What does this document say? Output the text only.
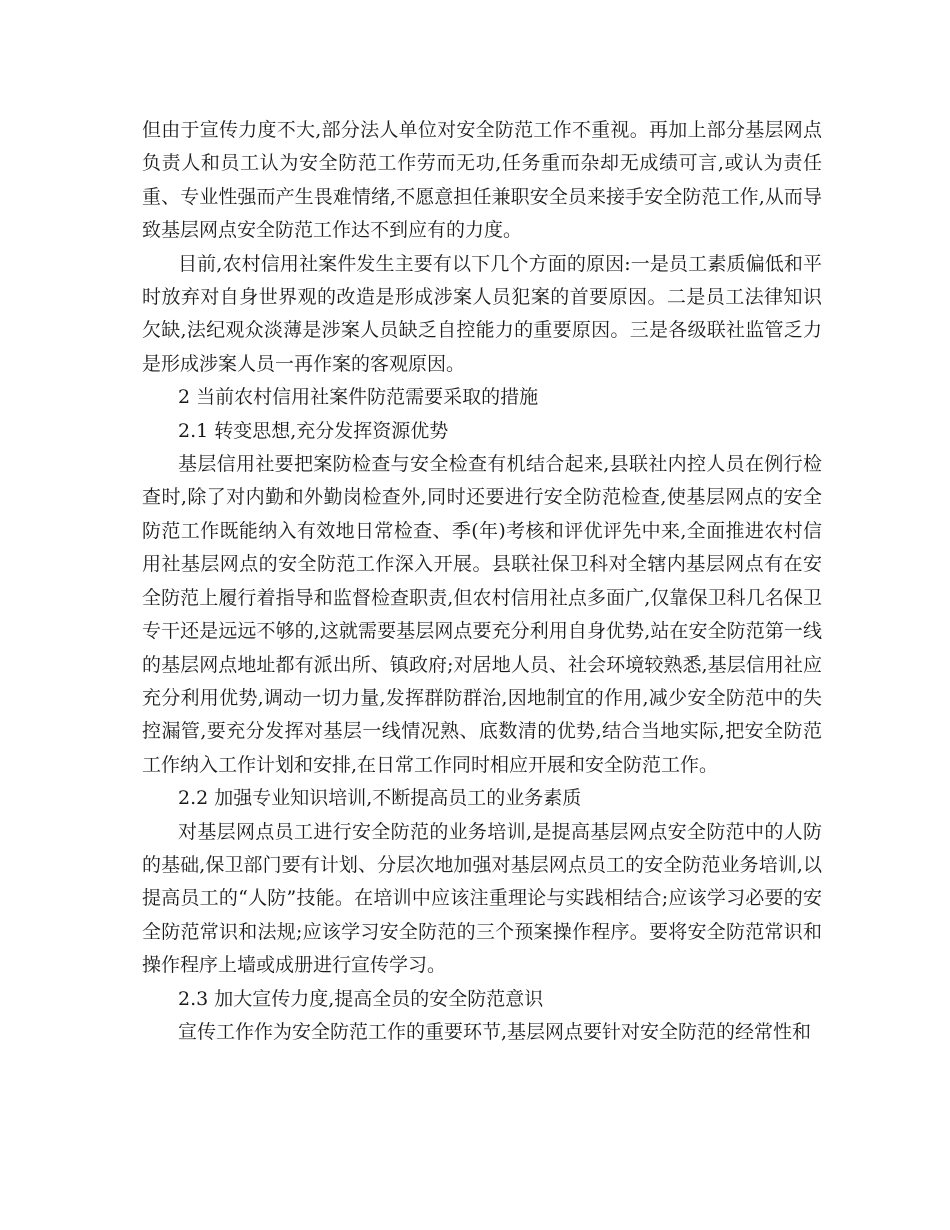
但由于宣传力度不大,部分法人单位对安全防范工作不重视。再加上部分基层网点负责人和员工认为安全防范工作劳而无功,任务重而杂却无成绩可言,或认为责任重、专业性强而产生畏难情绪,不愿意担任兼职安全员来接手安全防范工作,从而导致基层网点安全防范工作达不到应有的力度。

目前,农村信用社案件发生主要有以下几个方面的原因:一是员工素质偏低和平时放弃对自身世界观的改造是形成涉案人员犯案的首要原因。二是员工法律知识欠缺,法纪观众淡薄是涉案人员缺乏自控能力的重要原因。三是各级联社监管乏力是形成涉案人员一再作案的客观原因。

2 当前农村信用社案件防范需要采取的措施

2.1 转变思想,充分发挥资源优势

基层信用社要把案防检查与安全检查有机结合起来,县联社内控人员在例行检查时,除了对内勤和外勤岗检查外,同时还要进行安全防范检查,使基层网点的安全防范工作既能纳入有效地日常检查、季(年)考核和评优评先中来,全面推进农村信用社基层网点的安全防范工作深入开展。县联社保卫科对全辖内基层网点有在安全防范上履行着指导和监督检查职责,但农村信用社点多面广,仅靠保卫科几名保卫专干还是远远不够的,这就需要基层网点要充分利用自身优势,站在安全防范第一线的基层网点地址都有派出所、镇政府;对居地人员、社会环境较熟悉,基层信用社应充分利用优势,调动一切力量,发挥群防群治,因地制宜的作用,减少安全防范中的失控漏管,要充分发挥对基层一线情况熟、底数清的优势,结合当地实际,把安全防范工作纳入工作计划和安排,在日常工作同时相应开展和安全防范工作。

2.2 加强专业知识培训,不断提高员工的业务素质

对基层网点员工进行安全防范的业务培训,是提高基层网点安全防范中的人防的基础,保卫部门要有计划、分层次地加强对基层网点员工的安全防范业务培训,以提高员工的“人防”技能。在培训中应该注重理论与实践相结合;应该学习必要的安全防范常识和法规;应该学习安全防范的三个预案操作程序。要将安全防范常识和操作程序上墙或成册进行宣传学习。

2.3 加大宣传力度,提高全员的安全防范意识

宣传工作作为安全防范工作的重要环节,基层网点要针对安全防范的经常性和
